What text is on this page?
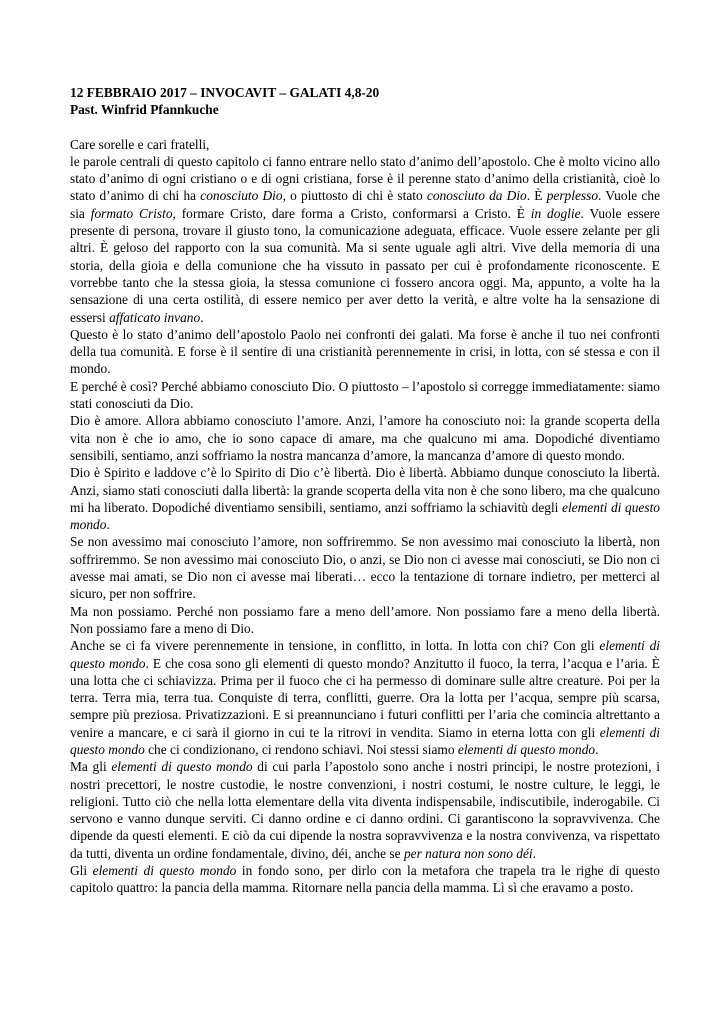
12 FEBBRAIO 2017 – INVOCAVIT – GALATI 4,8-20

Past. Winfrid Pfannkuche

Care sorelle e cari fratelli,

le parole centrali di questo capitolo ci fanno entrare nello stato d’animo dell’apostolo. Che è molto vicino allo stato d’animo di ogni cristiano o e di ogni cristiana, forse è il perenne stato d’animo della cristianità, cioè lo stato d’animo di chi ha conosciuto Dio, o piuttosto di chi è stato conosciuto da Dio. È perplesso. Vuole che sia formato Cristo, formare Cristo, dare forma a Cristo, conformarsi a Cristo. È in doglie. Vuole essere presente di persona, trovare il giusto tono, la comunicazione adeguata, efficace. Vuole essere zelante per gli altri. È geloso del rapporto con la sua comunità. Ma si sente uguale agli altri. Vive della memoria di una storia, della gioia e della comunione che ha vissuto in passato per cui è profondamente riconoscente. E vorrebbe tanto che la stessa gioia, la stessa comunione ci fossero ancora oggi. Ma, appunto, a volte ha la sensazione di una certa ostilità, di essere nemico per aver detto la verità, e altre volte ha la sensazione di essersi affaticato invano.

Questo è lo stato d’animo dell’apostolo Paolo nei confronti dei galati. Ma forse è anche il tuo nei confronti della tua comunità. E forse è il sentire di una cristianità perennemente in crisi, in lotta, con sé stessa e con il mondo.

E perché è così? Perché abbiamo conosciuto Dio. O piuttosto – l’apostolo si corregge immediatamente: siamo stati conosciuti da Dio.

Dio è amore. Allora abbiamo conosciuto l’amore. Anzi, l’amore ha conosciuto noi: la grande scoperta della vita non è che io amo, che io sono capace di amare, ma che qualcuno mi ama. Dopodiché diventiamo sensibili, sentiamo, anzi soffriamo la nostra mancanza d’amore, la mancanza d’amore di questo mondo.

Dio è Spirito e laddove c’è lo Spirito di Dio c’è libertà. Dio è libertà. Abbiamo dunque conosciuto la libertà. Anzi, siamo stati conosciuti dalla libertà: la grande scoperta della vita non è che sono libero, ma che qualcuno mi ha liberato. Dopodiché diventiamo sensibili, sentiamo, anzi soffriamo la schiavitù degli elementi di questo mondo.

Se non avessimo mai conosciuto l’amore, non soffriremmo. Se non avessimo mai conosciuto la libertà, non soffriremmo. Se non avessimo mai conosciuto Dio, o anzi, se Dio non ci avesse mai conosciuti, se Dio non ci avesse mai amati, se Dio non ci avesse mai liberati… ecco la tentazione di tornare indietro, per metterci al sicuro, per non soffrire.

Ma non possiamo. Perché non possiamo fare a meno dell’amore. Non possiamo fare a meno della libertà. Non possiamo fare a meno di Dio.

Anche se ci fa vivere perennemente in tensione, in conflitto, in lotta. In lotta con chi? Con gli elementi di questo mondo. E che cosa sono gli elementi di questo mondo? Anzitutto il fuoco, la terra, l’acqua e l’aria. È una lotta che ci schiavizza. Prima per il fuoco che ci ha permesso di dominare sulle altre creature. Poi per la terra. Terra mia, terra tua. Conquiste di terra, conflitti, guerre. Ora la lotta per l’acqua, sempre più scarsa, sempre più preziosa. Privatizzazioni. E si preannunciano i futuri conflitti per l’aria che comincia altrettanto a venire a mancare, e ci sarà il giorno in cui te la ritrovi in vendita. Siamo in eterna lotta con gli elementi di questo mondo che ci condizionano, ci rendono schiavi. Noi stessi siamo elementi di questo mondo.

Ma gli elementi di questo mondo di cui parla l’apostolo sono anche i nostri principi, le nostre protezioni, i nostri precettori, le nostre custodie, le nostre convenzioni, i nostri costumi, le nostre culture, le leggi, le religioni. Tutto ciò che nella lotta elementare della vita diventa indispensabile, indiscutibile, inderogabile. Ci servono e vanno dunque serviti. Ci danno ordine e ci danno ordini. Ci garantiscono la sopravvivenza. Che dipende da questi elementi. E ciò da cui dipende la nostra sopravvivenza e la nostra convivenza, va rispettato da tutti, diventa un ordine fondamentale, divino, déi, anche se per natura non sono déi.

Gli elementi di questo mondo in fondo sono, per dirlo con la metafora che trapela tra le righe di questo capitolo quattro: la pancia della mamma. Ritornare nella pancia della mamma. Lì sì che eravamo a posto.
